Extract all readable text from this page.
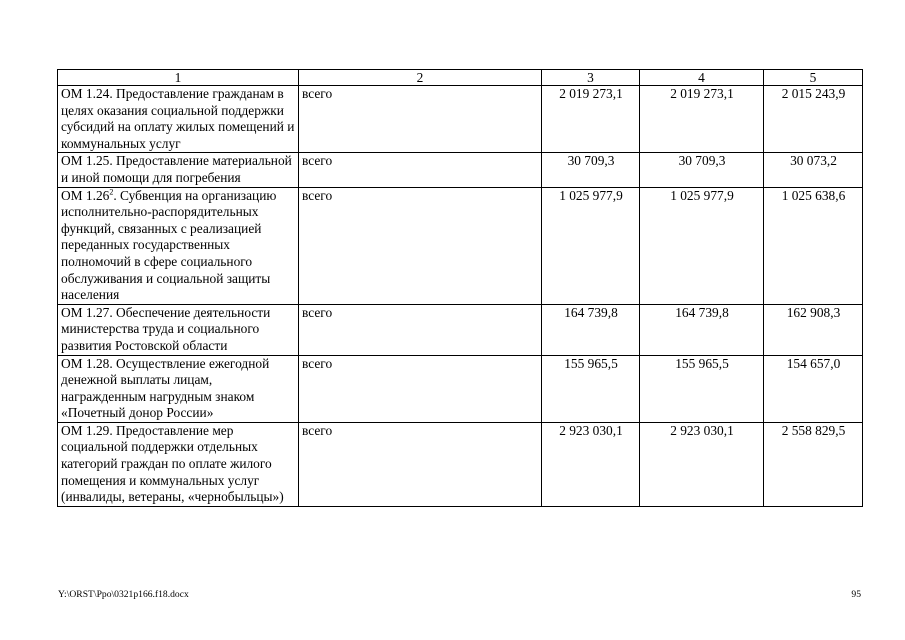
1	2	3	4	5
ОМ 1.24. Предоставление гражданам в целях оказания социальной поддержки субсидий на оплату жилых помещений и коммунальных услуг	всего	2 019 273,1	2 019 273,1	2 015 243,9
ОМ 1.25. Предоставление материальной и иной помощи для погребения	всего	30 709,3	30 709,3	30 073,2
ОМ 1.26$^2$. Субвенция на организацию исполнительно-распорядительных функций, связанных с реализацией переданных государственных полномочий в сфере социального обслуживания и социальной защиты населения	всего	1 025 977,9	1 025 977,9	1 025 638,6
ОМ 1.27. Обеспечение деятельности министерства труда и социального развития Ростовской области	всего	164 739,8	164 739,8	162 908,3
ОМ 1.28. Осуществление ежегодной денежной выплаты лицам, награжденным нагрудным знаком «Почетный донор России»	всего	155 965,5	155 965,5	154 657,0
ОМ 1.29. Предоставление мер социальной поддержки отдельных категорий граждан по оплате жилого помещения и коммунальных услуг (инвалиды, ветераны, «чернобыльцы»)	всего	2 923 030,1	2 923 030,1	2 558 829,5
Y:\ORST\Ppo\0321p166.f18.docx	95
